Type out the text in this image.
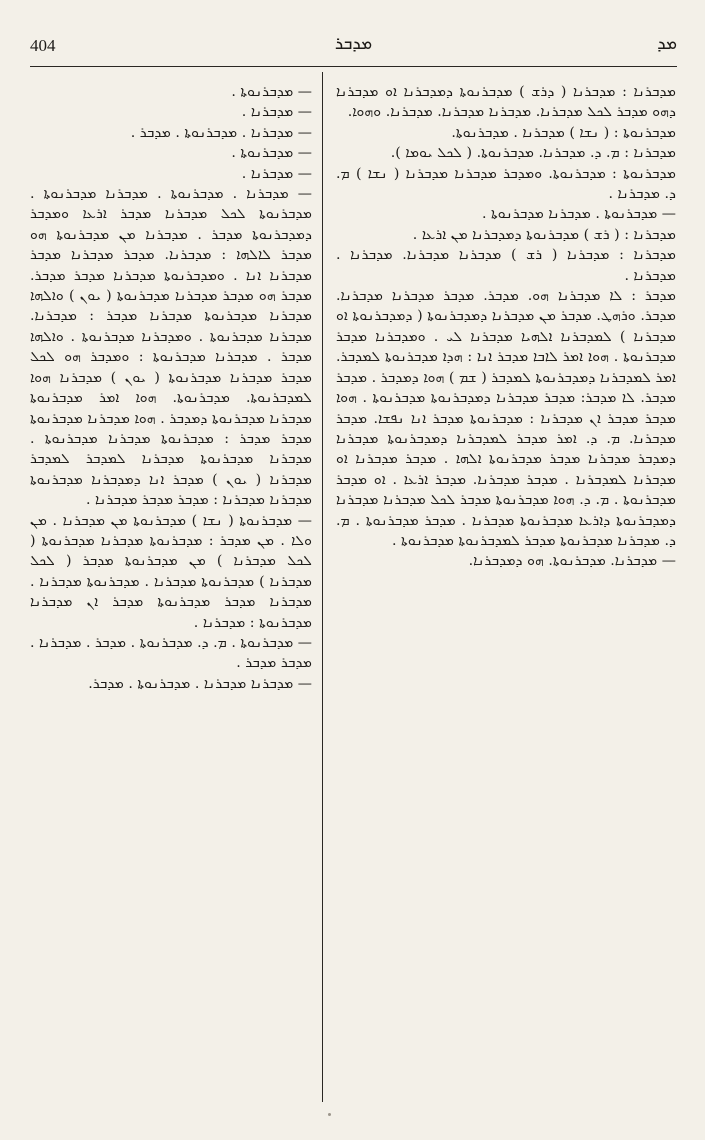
404	ܡܕܒܪ	ܡܕ

ܡܕܒܪܢܐ : ܡܕܒܪܢܐ ( ܕܪܫ ) ܡܕܒܪܢܘܬܐ ܕܡܕܒܪܢܐ ܐܘ ܡܕܒܪܢܐ ܕܗܘ ܡܕܒܪ ܠܟܠ ܡܕܒܪܢܐ. ܡܕܒܪܢܐ ܡܕܒܪܢܐ. ܡܕܒܪܢܐ. ܘܗܘܐ.

ܡܕܒܪܢܘܬܐ : ( ܢܫܐ ) ܡܕܒܪܢܐ . ܡܕܒܪܢܘܬܐ.

ܡܕܒܪܢܐ : ܡ. ܕ. ܡܕܒܪܢܐ. ܡܕܒܪܢܘܬܐ. ( ܠܟܠ ܝܘܡܐ ).

ܡܕܒܪܢܘܬܐ : ܡܕܒܪܢܘܬܐ. ܘܡܕܒܪ ܡܕܒܪܢܐ ܡܕܒܪܢܐ ( ܢܫܐ ) ܡ. ܕ. ܡܕܒܪܢܐ .

— ܡܕܒܪܢܘܬܐ . ܡܕܒܪܢܐ ܡܕܒܪܢܘܬܐ .

ܡܕܒܪܢܐ : ( ܪܫ ) ܡܕܒܪܢܘܬܐ ܕܡܕܒܪܢܐ ܡܢ ܐܪܥܐ .

ܡܕܒܪܢܐ : ܡܕܒܪܢܐ ( ܪܫ ) ܡܕܒܪܢܐ ܡܕܒܪܢܐ. ܡܕܒܪܢܐ . ܡܕܒܪܢܐ .

ܡܕܒܪ : ܠܐ ܡܕܒܪܢܐ ܗܘ. ܡܕܒܪ. ܡܕܒܪ ܡܕܒܪܢܐ ܡܕܒܪܢܐ. ܡܕܒܪ. ܘܪܗܛ. ܡܕܒܪ ܡܢ ܡܕܒܪܢܐ ܕܡܕܒܪܢܘܬܐ ( ܕܡܕܒܪܢܘܬܐ ܐܘ ܡܕܒܪܢܐ ) ܠܡܕܒܪܢܐ ܐܠܗܝܐ ܡܕܒܪܢܐ ܠܝ . ܘܡܕܒܪܢܐ ܡܕܒܪ ܡܕܒܪܢܘܬܐ . ܗܘܐ ܐܡܪ ܠܐܒܐ ܡܕܒܪ ܐܢܐ : ܗܕܐ ܡܕܒܪܢܘܬܐ ܠܡܕܒܪ. ܐܡܪ ܠܡܕܒܪܢܐ ܕܡܕܒܪܢܘܬܐ ܠܡܕܒܪ ( ܫܡ ) ܗܘܐ ܕܡܕܒܪ . ܡܕܒܪ ܡܕܒܪ. ܠܐ ܡܕܒܪ: ܡܕܒܪ ܡܕܒܪܢܐ ܕܡܕܒܪܢܘܬܐ ܡܕܒܪܢܘܬܐ . ܗܘܐ ܡܕܒܪ ܡܕܒܪ ܐܢ ܡܕܒܪܢܐ : ܡܕܒܪܢܘܬܐ ܡܕܒܪ ܐܢܐ ܢܦܫܐ. ܡܕܒܪ ܡܕܒܪܢܐ. ܡ. ܕ. ܐܡܪ ܡܕܒܪ ܠܡܕܒܪܢܐ ܕܡܕܒܪܢܘܬܐ ܡܕܒܪܢܐ ܕܡܕܒܪ ܡܕܒܪܢܐ ܡܕܒܪ ܡܕܒܪܢܘܬܐ ܐܠܗܐ . ܡܕܒܪ ܡܕܒܪܢܐ ܐܘ ܡܕܒܪܢܐ ܠܡܕܒܪܢܐ . ܡܕܒܪ ܡܕܒܪܢܐ. ܡܕܒܪ ܐܪܥܐ . ܐܘ ܡܕܒܪ ܡܕܒܪܢܘܬܐ . ܡ. ܕ. ܗܘܐ ܡܕܒܪܢܘܬܐ ܡܕܒܪ ܠܟܠ ܡܕܒܪܢܐ ܡܕܒܪܢܐ ܕܡܕܒܪܢܘܬܐ ܕܐܪܥܐ ܡܕܒܪܢܘܬܐ ܡܕܒܪܢܐ . ܡܕܒܪ ܡܕܒܪܢܘܬܐ . ܡ. ܕ. ܡܕܒܪܢܐ ܡܕܒܪܢܘܬܐ ܡܕܒܪ ܠܡܕܒܪܢܘܬܐ ܡܕܒܪܢܘܬܐ .

— ܡܕܒܪܢܐ. ܡܕܒܪܢܘܬܐ. ܗܘ ܕܡܕܒܪܢܐ.

— ܡܕܒܪܢܘܬܐ .

— ܡܕܒܪܢܐ .

— ܡܕܒܪܢܐ . ܡܕܒܪܢܘܬܐ . ܡܕܒܪ .

— ܡܕܒܪܢܘܬܐ .

— ܡܕܒܪܢܐ .

— ܡܕܒܪܢܐ . ܡܕܒܪܢܘܬܐ . ܡܕܒܪܢܐ ܡܕܒܪܢܘܬܐ . ܡܕܒܪܢܘܬܐ ܠܟܠ ܡܕܒܪܢܐ ܡܕܒܪ ܐܪܥܐ ܘܡܕܒܪ ܕܡܕܒܪܢܘܬܐ ܡܕܒܪ . ܡܕܒܪܢܐ ܡܢ ܡܕܒܪܢܘܬܐ ܗܘ ܡܕܒܪ ܠܐܠܗܐ : ܡܕܒܪܢܐ. ܡܕܒܪ ܡܕܒܪܢܐ ܡܕܒܪ ܡܕܒܪܢܐ ܐܢܐ . ܘܡܕܒܪܢܘܬܐ ܡܕܒܪܢܐ ܡܕܒܪ ܡܕܒܪ. ܡܕܒܪ ܗܘ ܡܕܒܪ ܡܕܒܪܢܐ ܡܕܒܪܢܘܬܐ ( ܝܘܢ ) ܘܐܠܗܐ ܡܕܒܪܢܐ ܡܕܒܪܢܘܬܐ ܡܕܒܪܢܐ ܡܕܒܪ : ܡܕܒܪܢܐ. ܡܕܒܪܢܐ ܡܕܒܪܢܘܬܐ . ܘܡܕܒܪܢܐ ܡܕܒܪܢܘܬܐ . ܘܐܠܗܐ ܡܕܒܪ . ܡܕܒܪܢܐ ܡܕܒܪܢܘܬܐ : ܘܡܕܒܪ ܗܘ ܠܟܠ ܡܕܒܪ ܡܕܒܪܢܐ ܡܕܒܪܢܘܬܐ ( ܝܘܢ ) ܡܕܒܪܢܐ ܗܘܐ ܠܡܕܒܪܢܘܬܐ. ܡܕܒܪܢܘܬܐ. ܗܘܐ ܐܡܪ ܡܕܒܪܢܘܬܐ ܡܕܒܪܢܐ ܡܕܒܪܢܘܬܐ ܕܡܕܒܪ . ܗܘܐ ܡܕܒܪܢܐ ܡܕܒܪܢܘܬܐ ܡܕܒܪ ܡܕܒܪ : ܡܕܒܪܢܘܬܐ ܡܕܒܪܢܐ ܡܕܒܪܢܘܬܐ . ܡܕܒܪܢܐ ܡܕܒܪܢܘܬܐ ܡܕܒܪܢܐ ܠܡܕܒܪ ܠܡܕܒܪ ܡܕܒܪܢܐ ( ܝܘܢ ) ܡܕܒܪ ܐܢܐ ܕܡܕܒܪܢܐ ܡܕܒܪܢܘܬܐ ܡܕܒܪܢܐ ܡܕܒܪܢܐ : ܡܕܒܪ ܡܕܒܪ ܡܕܒܪܢܐ .

— ܡܕܒܪܢܘܬܐ ( ܢܫܐ ) ܡܕܒܪܢܘܬܐ ܡܢ ܡܕܒܪܢܐ . ܡܢ ܘܠܐ . ܡܢ ܡܕܒܪ : ܡܕܒܪܢܘܬܐ ܡܕܒܪܢܐ ܡܕܒܪܢܘܬܐ ( ܠܟܠ ܡܕܒܪܢܐ ) ܡܢ ܡܕܒܪܢܘܬܐ ܡܕܒܪ ( ܠܟܠ ܡܕܒܪܢܐ ) ܡܕܒܪܢܘܬܐ ܡܕܒܪܢܐ . ܡܕܒܪܢܘܬܐ ܡܕܒܪܢܐ . ܡܕܒܪܢܐ ܡܕܒܪ ܡܕܒܪܢܘܬܐ ܡܕܒܪ ܐܢ ܡܕܒܪܢܐ ܡܕܒܪܢܘܬܐ : ܡܕܒܪܢܐ .

— ܡܕܒܪܢܘܬܐ . ܡ. ܕ. ܡܕܒܪܢܘܬܐ . ܡܕܒܪ . ܡܕܒܪܢܐ . ܡܕܒܪ ܡܕܒܪ .

— ܡܕܒܪܢܐ ܡܕܒܪܢܐ . ܡܕܒܪܢܘܬܐ . ܡܕܒܪ.
